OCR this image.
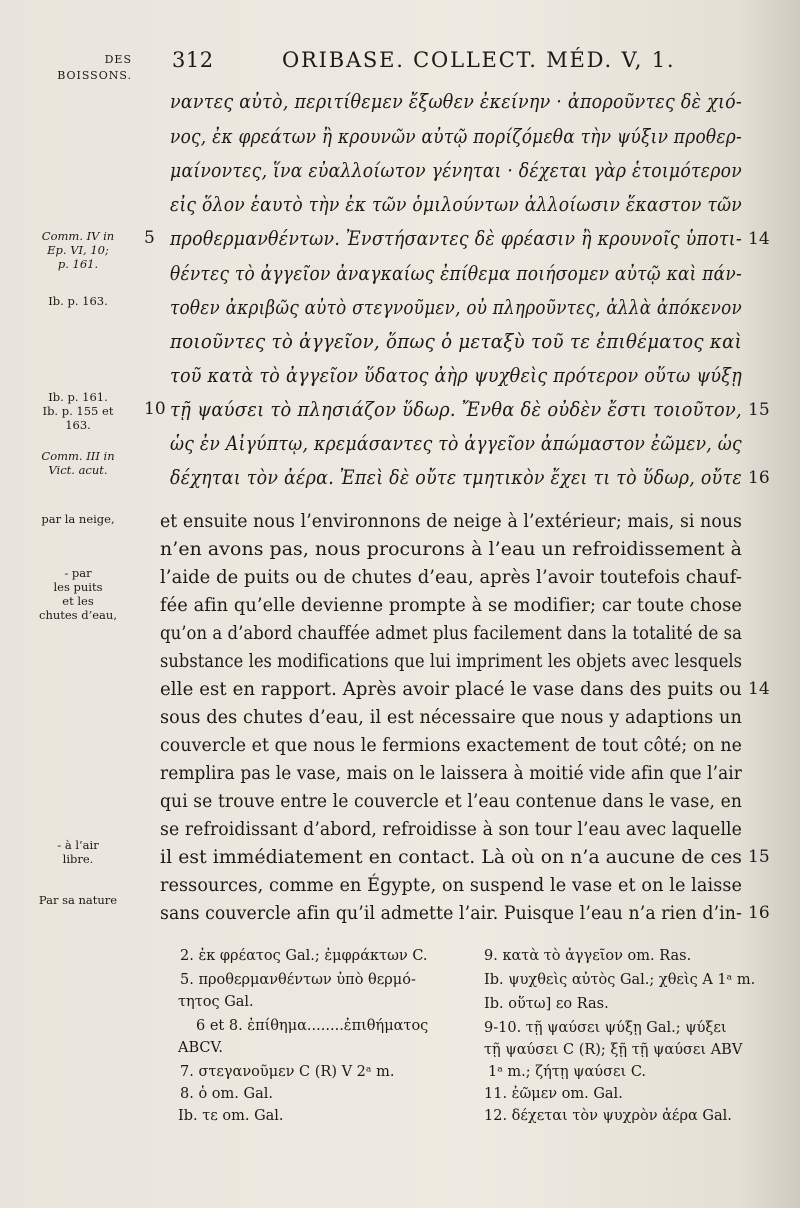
DES
BOISSONS.
312	ORIBASE. COLLECT. MÉD. V, 1.
ναντες αὐτὸ, περιτίθεμεν ἔξωθεν ἐκείνην · ἀποροῦντες δὲ χιό-
νος, ἐκ φρεάτων ἢ κρουνῶν αὐτῷ πορίζόμεθα τὴν ψύξιν προθερ-
μαίνοντες, ἵνα εὐαλλοίωτον γένηται · δέχεται γὰρ ἑτοιμότερον
εἰς ὅλον ἑαυτὸ τὴν ἐκ τῶν ὁμιλούντων ἀλλοίωσιν ἕκαστον τῶν
προθερμανθέντων. Ἐνστήσαντες δὲ φρέασιν ἢ κρουνοῖς ὑποτι-
θέντες τὸ ἀγγεῖον ἀναγκαίως ἐπίθεμα ποιήσομεν αὐτῷ καὶ πάν-
τοθεν ἀκριβῶς αὐτὸ στεγνοῦμεν, οὐ πληροῦντες, ἀλλὰ ἀπόκενον
ποιοῦντες τὸ ἀγγεῖον, ὅπως ὁ μεταξὺ τοῦ τε ἐπιθέματος καὶ
τοῦ κατὰ τὸ ἀγγεῖον ὕδατος ἀὴρ ψυχθεὶς πρότερον οὕτω ψύξῃ
τῇ ψαύσει τὸ πλησιάζον ὕδωρ. Ἔνθα δὲ οὐδὲν ἔστι τοιοῦτον,
ὡς ἐν Αἰγύπτῳ, κρεμάσαντες τὸ ἀγγεῖον ἀπώμαστον ἐῶμεν, ὡς
δέχηται τὸν ἀέρα. Ἐπεὶ δὲ οὔτε τμητικὸν ἔχει τι τὸ ὕδωρ, οὔτε
5
10
14
15
16
Comm. IV in
Ep. VI, 10;
p. 161.
Ib. p. 163.
Ib. p. 161.
Ib. p. 155 et
163.
Comm. III in
Vict. acut.
et ensuite nous l’environnons de neige à l’extérieur; mais, si nous
n’en avons pas, nous procurons à l’eau un refroidissement à
l’aide de puits ou de chutes d’eau, après l’avoir toutefois chauf-
fée afin qu’elle devienne prompte à se modifier; car toute chose
qu’on a d’abord chauffée admet plus facilement dans la totalité de sa
substance les modifications que lui impriment les objets avec lesquels
elle est en rapport. Après avoir placé le vase dans des puits ou
sous des chutes d’eau, il est nécessaire que nous y adaptions un
couvercle et que nous le fermions exactement de tout côté; on ne
remplira pas le vase, mais on le laissera à moitié vide afin que l’air
qui se trouve entre le couvercle et l’eau contenue dans le vase, en
se refroidissant d’abord, refroidisse à son tour l’eau avec laquelle
il est immédiatement en contact. Là où on n’a aucune de ces
ressources, comme en Égypte, on suspend le vase et on le laisse
sans couvercle afin qu’il admette l’air. Puisque l’eau n’a rien d’in-
14
15
16
par la neige,
- par
les puits
et les
chutes d’eau,
- à l’air
libre.
Par sa nature
2. ἐκ φρέατος Gal.; ἐμφράκτων C.
5. προθερμανθέντων ὑπὸ θερμό-
τητος Gal.
6 et 8. ἐπίθημα........ἐπιθήματος
ABCV.
7. στεγανοῦμεν C (R) V 2ᵃ m.
8. ὁ om. Gal.
Ib. τε om. Gal.
9. κατὰ τὸ ἀγγεῖον om. Ras.
Ib. ψυχθεὶς αὐτὸς Gal.; χθεὶς A 1ᵃ m.
Ib. οὕτω] εο Ras.
9-10. τῇ ψαύσει ψύξῃ Gal.; ψύξει
τῇ ψαύσει C (R); ξῇ τῇ ψαύσει ABV
1ᵃ m.; ζήτῃ ψαύσει C.
11. ἐῶμεν om. Gal.
12. δέχεται τὸν ψυχρὸν ἀέρα Gal.
